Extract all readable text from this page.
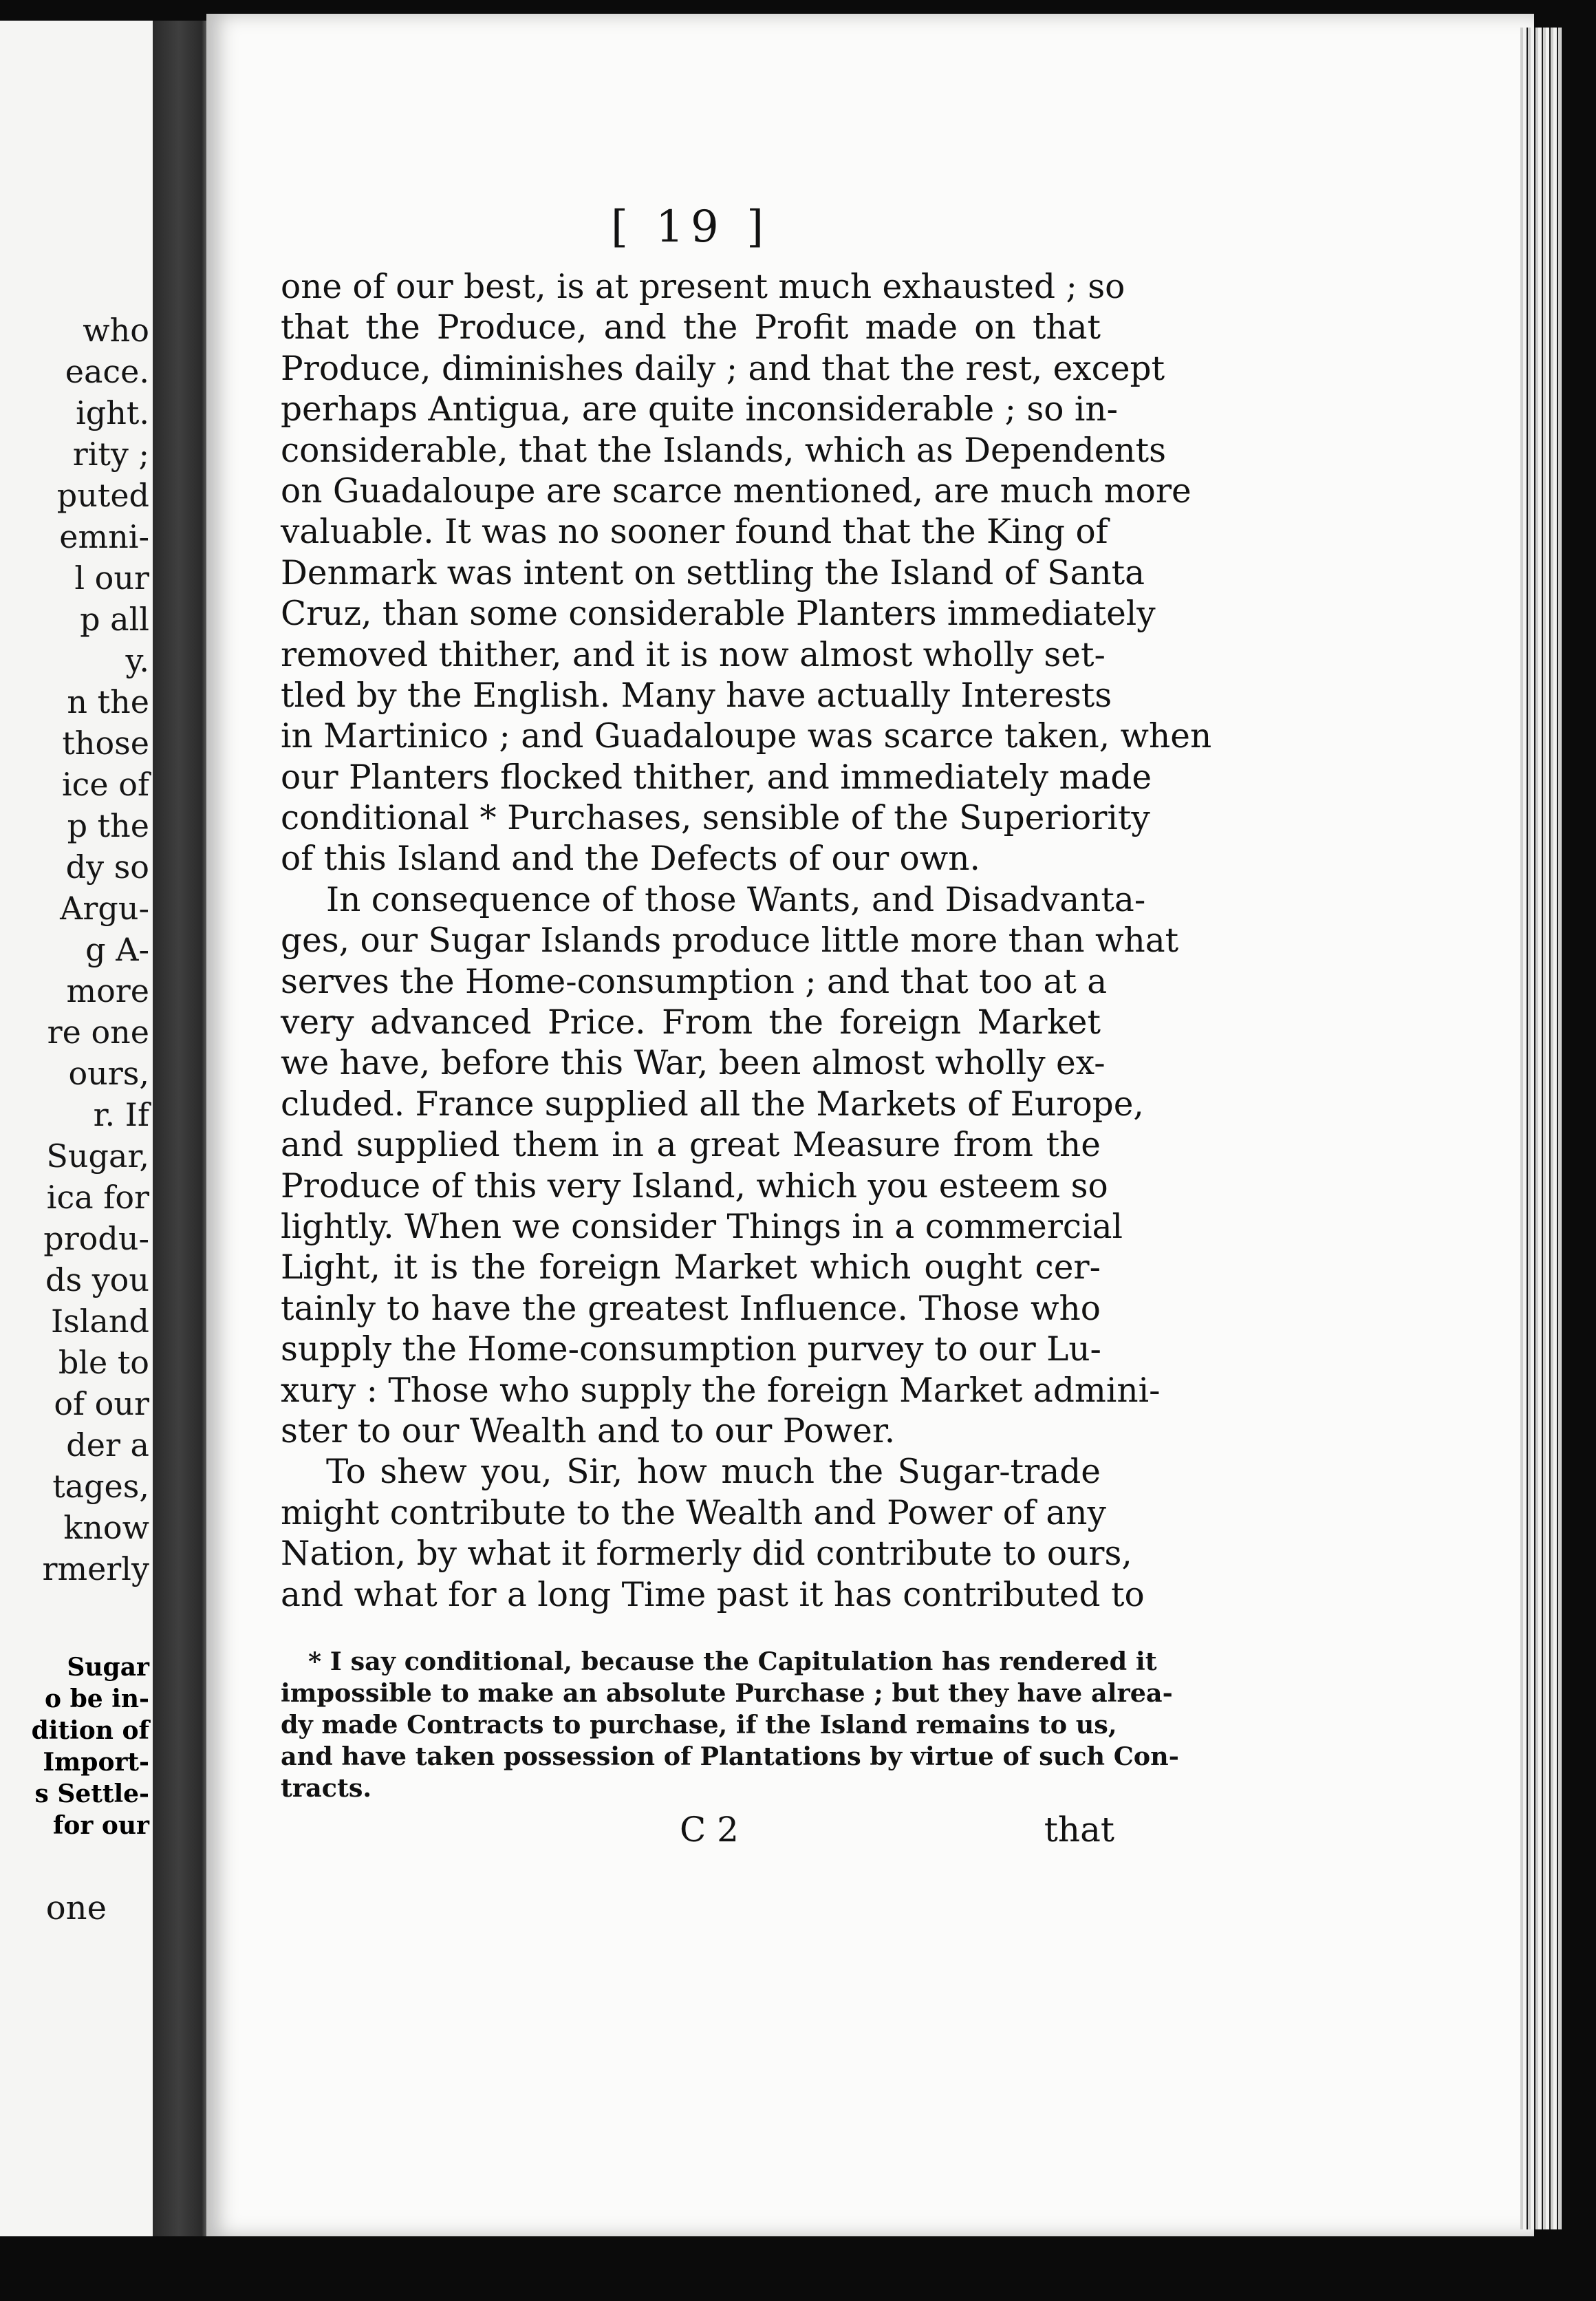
who
eace.
ight.
rity ;
puted
emni-
l our
p all
y.
n the
those
ice of
p the
dy so
Argu-
g A-
more
re one
ours,
r. If
Sugar,
ica for
produ-
ds you
Island
ble to
of our
der a
tages,
know
rmerly
Sugar
o be in-
dition of
Import-
s Settle-
for our
one
[ 19 ]
one of our best, is at present much exhausted ; so
that the Produce, and the Profit made on that
Produce, diminishes daily ; and that the rest, except
perhaps Antigua, are quite inconsiderable ; so in-
considerable, that the Islands, which as Dependents
on Guadaloupe are scarce mentioned, are much more
valuable. It was no sooner found that the King of
Denmark was intent on settling the Island of Santa
Cruz, than some considerable Planters immediately
removed thither, and it is now almost wholly set-
tled by the English. Many have actually Interests
in Martinico ; and Guadaloupe was scarce taken, when
our Planters flocked thither, and immediately made
conditional * Purchases, sensible of the Superiority
of this Island and the Defects of our own.
In consequence of those Wants, and Disadvanta-
ges, our Sugar Islands produce little more than what
serves the Home-consumption ; and that too at a
very advanced Price. From the foreign Market
we have, before this War, been almost wholly ex-
cluded. France supplied all the Markets of Europe,
and supplied them in a great Measure from the
Produce of this very Island, which you esteem so
lightly. When we consider Things in a commercial
Light, it is the foreign Market which ought cer-
tainly to have the greatest Influence. Those who
supply the Home-consumption purvey to our Lu-
xury : Those who supply the foreign Market admini-
ster to our Wealth and to our Power.
To shew you, Sir, how much the Sugar-trade
might contribute to the Wealth and Power of any
Nation, by what it formerly did contribute to ours,
and what for a long Time past it has contributed to
* I say conditional, because the Capitulation has rendered it
impossible to make an absolute Purchase ; but they have alrea-
dy made Contracts to purchase, if the Island remains to us,
and have taken possession of Plantations by virtue of such Con-
tracts.
C 2	that
